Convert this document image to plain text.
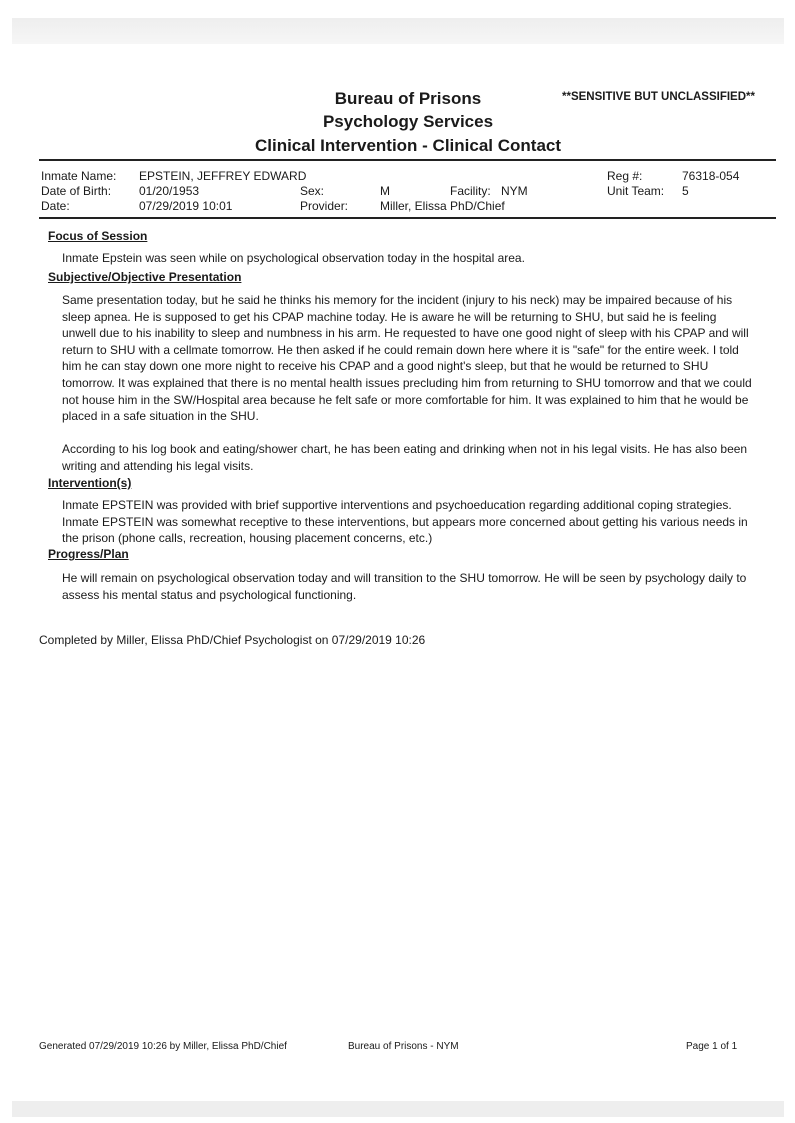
Bureau of Prisons
Psychology Services
Clinical Intervention - Clinical Contact
**SENSITIVE BUT UNCLASSIFIED**
Inmate Name: EPSTEIN, JEFFREY EDWARD
Date of Birth: 01/20/1953
Date:	07/29/2019 10:01
Sex:	M	Facility: NYM
Provider:	Miller, Elissa PhD/Chief
Reg #:	76318-054
Unit Team: 5
Focus of Session
Inmate Epstein was seen while on psychological observation today in the hospital area.
Subjective/Objective Presentation
Same presentation today, but he said he thinks his memory for the incident (injury to his neck) may be impaired because of his sleep apnea. He is supposed to get his CPAP machine today. He is aware he will be returning to SHU, but said he is feeling unwell due to his inability to sleep and numbness in his arm. He requested to have one good night of sleep with his CPAP and will return to SHU with a cellmate tomorrow. He then asked if he could remain down here where it is "safe" for the entire week. I told him he can stay down one more night to receive his CPAP and a good night's sleep, but that he would be returned to SHU tomorrow. It was explained that there is no mental health issues precluding him from returning to SHU tomorrow and that we could not house him in the SW/Hospital area because he felt safe or more comfortable for him. It was explained to him that he would be placed in a safe situation in the SHU.
According to his log book and eating/shower chart, he has been eating and drinking when not in his legal visits. He has also been writing and attending his legal visits.
Intervention(s)
Inmate EPSTEIN was provided with brief supportive interventions and psychoeducation regarding additional coping strategies. Inmate EPSTEIN was somewhat receptive to these interventions, but appears more concerned about getting his various needs in the prison (phone calls, recreation, housing placement concerns, etc.)
Progress/Plan
He will remain on psychological observation today and will transition to the SHU tomorrow. He will be seen by psychology daily to assess his mental status and psychological functioning.
Completed by Miller, Elissa PhD/Chief Psychologist on 07/29/2019 10:26
Generated 07/29/2019 10:26 by Miller, Elissa PhD/Chief	Bureau of Prisons - NYM	Page 1 of 1
